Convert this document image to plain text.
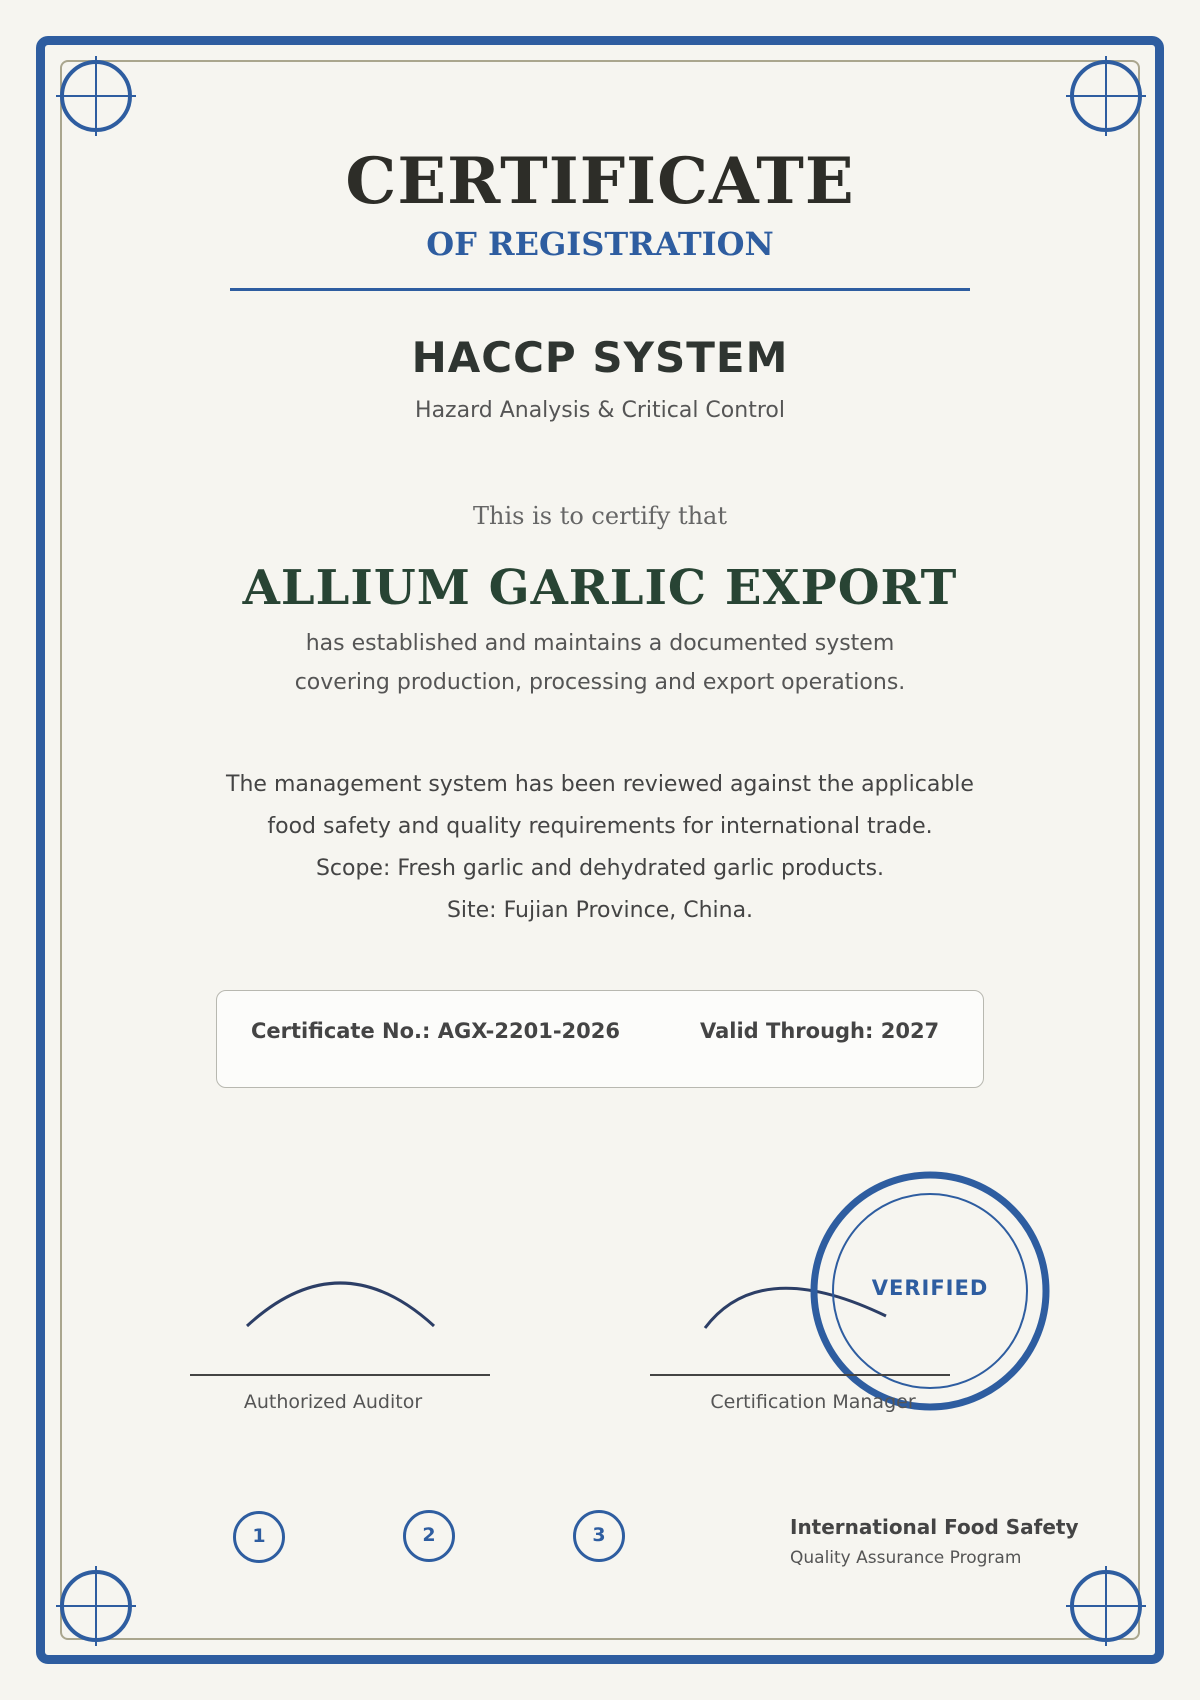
CERTIFICATE
OF REGISTRATION
HACCP SYSTEM
Hazard Analysis & Critical Control
This is to certify that
ALLIUM GARLIC EXPORT
has established and maintains a documented system
covering production, processing and export operations.
The management system has been reviewed against the applicable
food safety and quality requirements for international trade.
Scope: Fresh garlic and dehydrated garlic products.
Site: Fujian Province, China.
Certificate No.: AGX-2201-2026	Valid Through: 2027
Authorized Auditor	Certification Manager
VERIFIED
1	2	3	International Food Safety
Quality Assurance Program
